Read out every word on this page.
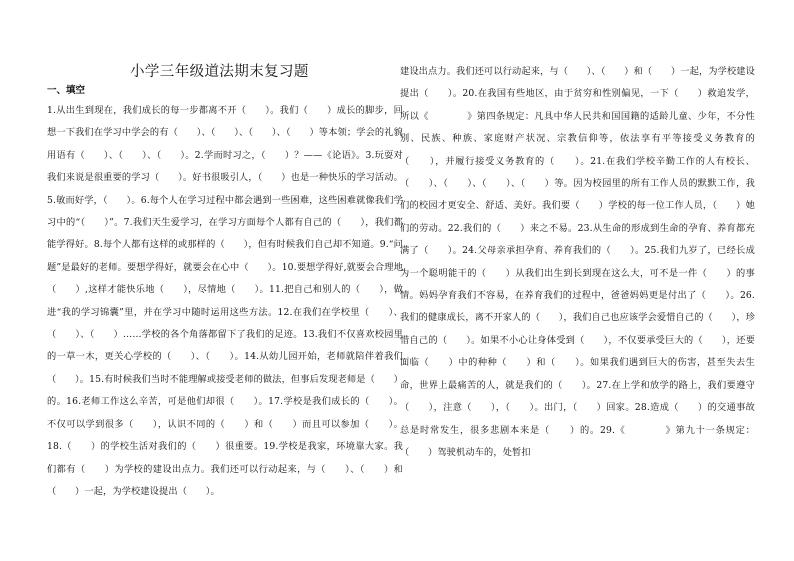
小学三年级道法期末复习题
一、填空

1.从出生到现在，我们成长的每一步都离不开（　　）。我们（　　）成长的脚步，回想一下我们在学习中学会的有（　　）、（　　）、（　　）、（　　）等本领；学会的礼貌用语有（　　）、（　　）、（　　）。2.学而时习之，（　　）？——《论语》。3.玩耍对我们来说是很重要的学习（　　）。好书很吸引人，（　　）也是一种快乐的学习活动。5.敏而好学，（　　）。6.每个人在学习过程中都会遇到一些困难，这些困难就像我们学习中的“（　　）”。7.我们天生爱学习，在学习方面每个人都有自己的（　　），我们都能学得好。8.每个人都有这样的或那样的（　　），但有时候我们自己却不知道。9.“问题”是最好的老师。要想学得好，就要会在心中（　　）。10.要想学得好,就要会合理地（　　）,这样才能快乐地（　　），尽情地（　　）。11.把自己和别人的（　　），做进“我的学习锦囊”里，并在学习中随时运用这些方法。12.在我们在学校里（　　）、（　　）、（　　）……学校的各个角落都留下了我们的足迹。13.我们不仅喜欢校园里的一草一木，更关心学校的（　　）、（　　）。14.从幼儿园开始，老师就陪伴着我们（　　）。15.有时候我们当时不能理解或接受老师的做法，但事后发现老师是（　　）的。16.老师工作这么辛苦，可是他们却很（　　）。17.学校是我们成长的（　　）。不仅可以学到很多（　　），认识不同的（　　）和（　　）而且可以参加（　　）。18.（　　）的学校生活对我们的（　　）很重要。19.学校是我家，环境靠大家。我们都有（　　）为学校的建设出点力。我们还可以行动起来，与（　　）、（　　）和（　　）一起，为学校建设提出（　　）。

建设出点力。我们还可以行动起来，与（　　）、（　　）和（　　）一起，为学校建设提出（　　）。20.在我国有些地区，由于贫穷和性别偏见，一下（　　）救追发学，所以《　　　　》第四条规定：凡具中华人民共和国国籍的适龄儿童、少年，不分性别、民族、种族、家庭财产状况、宗教信仰等，依法享有平等接受义务教育的（　　），并履行接受义务教育的（　　）。21.在我们学校辛勤工作的人有校长、（　　）、（　　）、（　　）、（　　）等。因为校园里的所有工作人员的默默工作，我们的校园才更安全、舒适、美好。我们要（　　）学校的每一位工作人员，（　　）她们的劳动。22.我们的（　　）来之不易。23.从生命的形成到生命的孕育、养育都充满了（　　）。24.父母亲承担孕育、养育我们的（　　）。25.我们九岁了，已经长成为一个聪明能干的（　　）从我们出生到长到现在这么大，可不是一件（　　）的事情。妈妈孕育我们不容易，在养育我们的过程中，爸爸妈妈更是付出了（　　）。26.我们的健康成长，离不开家人的（　　），我们自己也应该学会爱惜自己的（　　），珍惜自己的（　　）。如果不小心让身体受到（　　），不仅要承受巨大的（　　），还要面临（　　）中的种种（　　）和（　　）。如果我们遇到巨大的伤害，甚至失去生命，世界上最痛苦的人，就是我们的（　　）。27.在上学和放学的路上，我们要遵守（　　），注意（　　），（　　）。出门，（　　）回家。28.造成（　　）的交通事故总是时常发生，很多悲剧本来是（　　）的。29.《　　　　》第九十一条规定：（　　）驾驶机动车的，处暂扣
